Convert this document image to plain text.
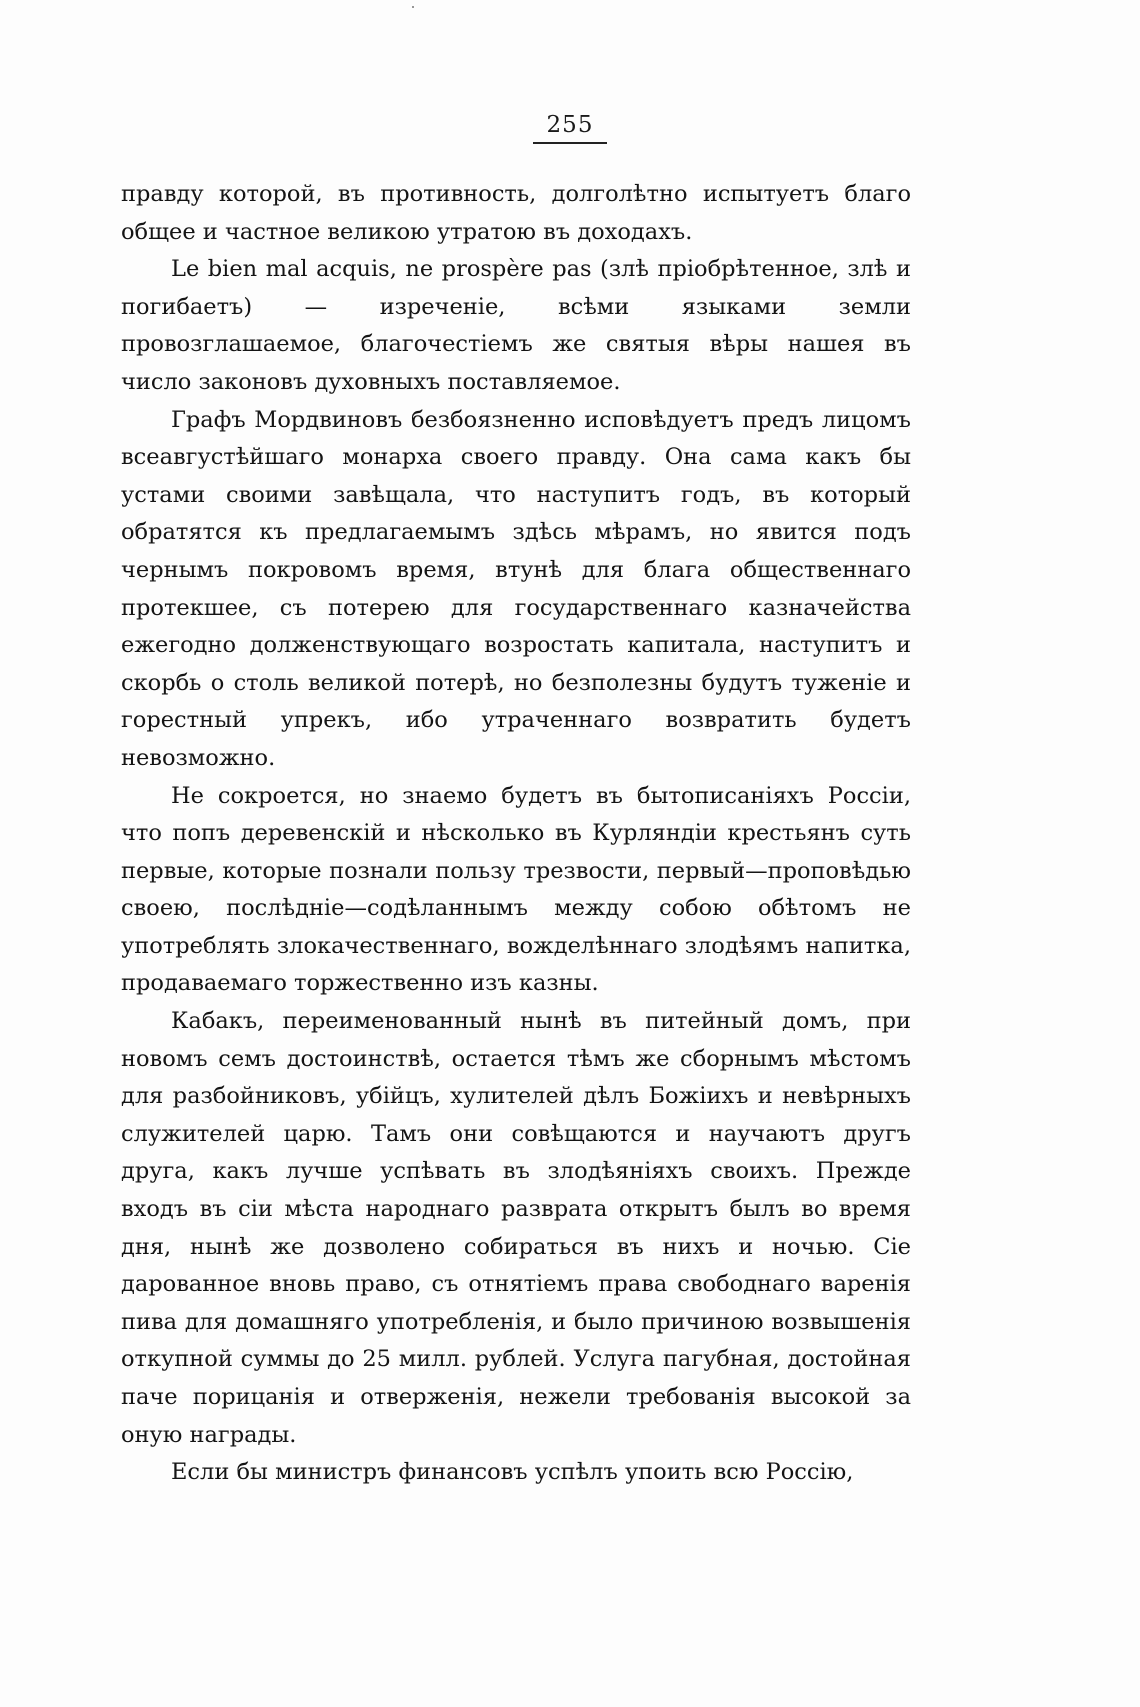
255

правду которой, въ противность, долголѣтно испытуетъ благо общее и частное великою утратою въ доходахъ.

Le bien mal acquis, ne prospère pas (злѣ пріобрѣтенное, злѣ и погибаетъ) — изреченіе, всѣми языками земли провозглашаемое, благочестіемъ же святыя вѣры нашея въ число законовъ духовныхъ поставляемое.

Графъ Мордвиновъ безбоязненно исповѣдуетъ предъ лицомъ всеавгустѣйшаго монарха своего правду. Она сама какъ бы устами своими завѣщала, что наступитъ годъ, въ который обратятся къ предлагаемымъ здѣсь мѣрамъ, но явится подъ чернымъ покровомъ время, втунѣ для блага общественнаго протекшее, съ потерею для государственнаго казначейства ежегодно долженствующаго возростать капитала, наступитъ и скорбь о столь великой потерѣ, но безполезны будутъ туженіе и горестный упрекъ, ибо утраченнаго возвратить будетъ невозможно.

Не сокроется, но знаемо будетъ въ бытописаніяхъ Россіи, что попъ деревенскій и нѣсколько въ Курляндіи крестьянъ суть первые, которые познали пользу трезвости, первый—проповѣдью своею, послѣдніе—содѣланнымъ между собою обѣтомъ не употреблять злокачественнаго, вожделѣннаго злодѣямъ напитка, продаваемаго торжественно изъ казны.

Кабакъ, переименованный нынѣ въ питейный домъ, при новомъ семъ достоинствѣ, остается тѣмъ же сборнымъ мѣстомъ для разбойниковъ, убійцъ, хулителей дѣлъ Божіихъ и невѣрныхъ служителей царю. Тамъ они совѣщаются и научаютъ другъ друга, какъ лучше успѣвать въ злодѣяніяхъ своихъ. Прежде входъ въ сіи мѣста народнаго разврата открытъ былъ во время дня, нынѣ же дозволено собираться въ нихъ и ночью. Сіе дарованное вновь право, съ отнятіемъ права свободнаго варенія пива для домашняго употребленія, и было причиною возвышенія откупной суммы до 25 милл. рублей. Услуга пагубная, достойная паче порицанія и отверженія, нежели требованія высокой за оную награды.

Если бы министръ финансовъ успѣлъ упоить всю Россію,
